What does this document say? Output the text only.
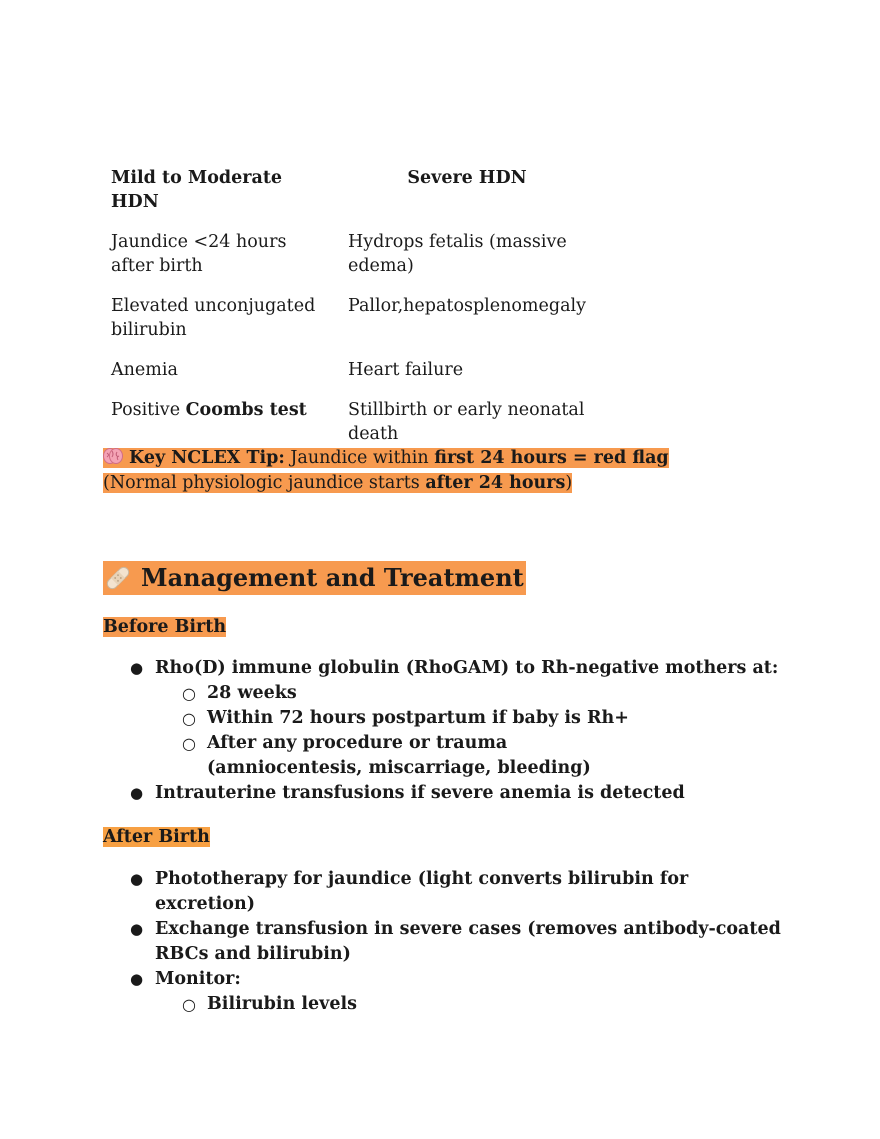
Mild to Moderate HDN	Severe HDN
Jaundice <24 hours after birth	Hydrops fetalis (massive edema)
Elevated unconjugated bilirubin	Pallor,hepatosplenomegaly
Anemia	Heart failure
Positive Coombs test	Stillbirth or early neonatal death
Key NCLEX Tip: Jaundice within first 24 hours = red flag
(Normal physiologic jaundice starts after 24 hours)
Management and Treatment
Before Birth
● Rho(D) immune globulin (RhoGAM) to Rh-negative mothers at:
○ 28 weeks
○ Within 72 hours postpartum if baby is Rh+
○ After any procedure or trauma (amniocentesis, miscarriage, bleeding)
● Intrauterine transfusions if severe anemia is detected
After Birth
● Phototherapy for jaundice (light converts bilirubin for excretion)
● Exchange transfusion in severe cases (removes antibody-coated RBCs and bilirubin)
● Monitor:
○ Bilirubin levels
